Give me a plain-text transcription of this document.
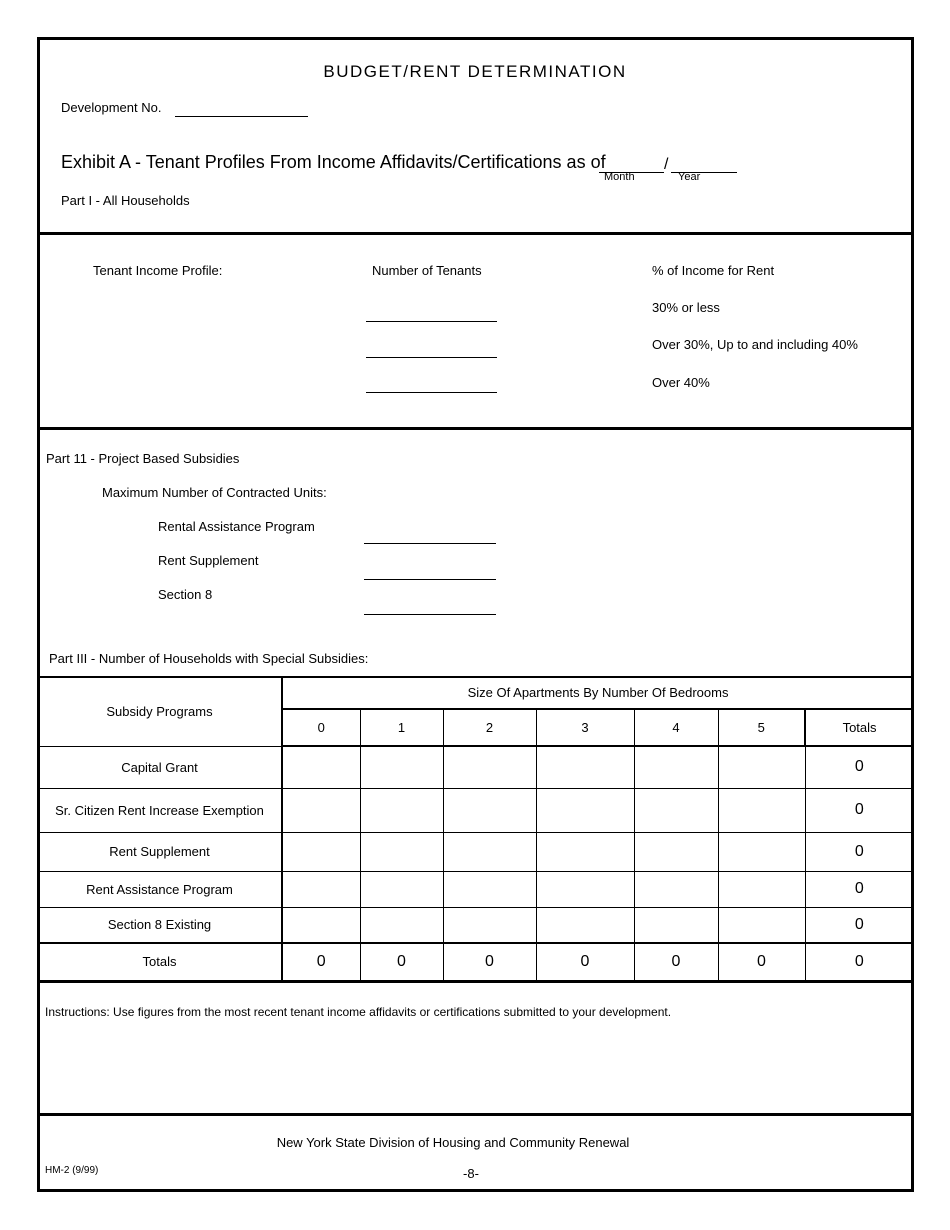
BUDGET/RENT DETERMINATION
Development No.
Exhibit A - Tenant Profiles From Income Affidavits/Certifications as of	/
Month	Year
Part I - All Households
Tenant Income Profile:	Number of Tenants	% of Income for Rent
30% or less
Over 30%, Up to and including 40%
Over 40%
Part 11 - Project Based Subsidies
Maximum Number of Contracted Units:
Rental Assistance Program
Rent Supplement
Section 8
Part III - Number of Households with Special Subsidies:
Subsidy Programs	Size Of Apartments By Number Of Bedrooms						
	0	1	2	3	4	5	Totals
Capital Grant							0
Sr. Citizen Rent Increase Exemption							0
Rent Supplement							0
Rent Assistance Program							0
Section 8 Existing							0
Totals	0	0	0	0	0	0	0
Instructions: Use figures from the most recent tenant income affidavits or certifications submitted to your development.
New York State Division of Housing and Community Renewal
HM-2 (9/99)	-8-
